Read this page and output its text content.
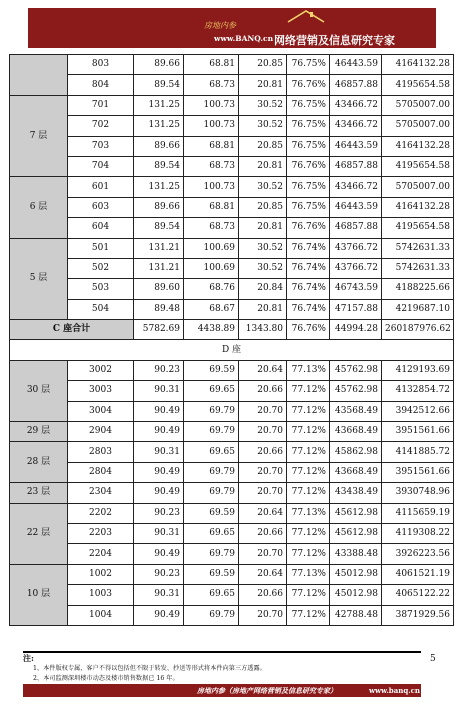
房地内参
www.BANQ.cn 网络营销及信息研究专家
	803	89.66	68.81	20.85	76.75%	46443.59	4164132.28
	804	89.54	68.73	20.81	76.76%	46857.88	4195654.58
7 层	701	131.25	100.73	30.52	76.75%	43466.72	5705007.00
	702	131.25	100.73	30.52	76.75%	43466.72	5705007.00
	703	89.66	68.81	20.85	76.75%	46443.59	4164132.28
	704	89.54	68.73	20.81	76.76%	46857.88	4195654.58
6 层	601	131.25	100.73	30.52	76.75%	43466.72	5705007.00
	603	89.66	68.81	20.85	76.75%	46443.59	4164132.28
	604	89.54	68.73	20.81	76.76%	46857.88	4195654.58
5 层	501	131.21	100.69	30.52	76.74%	43766.72	5742631.33
	502	131.21	100.69	30.52	76.74%	43766.72	5742631.33
	503	89.60	68.76	20.84	76.74%	46743.59	4188225.66
	504	89.48	68.67	20.81	76.74%	47157.88	4219687.10
C 座合计		5782.69	4438.89	1343.80	76.76%	44994.28	260187976.62
D 座							
30 层	3002	90.23	69.59	20.64	77.13%	45762.98	4129193.69
	3003	90.31	69.65	20.66	77.12%	45762.98	4132854.72
	3004	90.49	69.79	20.70	77.12%	43568.49	3942512.66
29 层	2904	90.49	69.79	20.70	77.12%	43668.49	3951561.66
28 层	2803	90.31	69.65	20.66	77.12%	45862.98	4141885.72
	2804	90.49	69.79	20.70	77.12%	43668.49	3951561.66
23 层	2304	90.49	69.79	20.70	77.12%	43438.49	3930748.96
22 层	2202	90.23	69.59	20.64	77.13%	45612.98	4115659.19
	2203	90.31	69.65	20.66	77.12%	45612.98	4119308.22
	2204	90.49	69.79	20.70	77.12%	43388.48	3926223.56
10 层	1002	90.23	69.59	20.64	77.13%	45012.98	4061521.19
	1003	90.31	69.65	20.66	77.12%	45012.98	4065122.22
	1004	90.49	69.79	20.70	77.12%	42788.48	3871929.56
注:
1、本件版权专属，客户不得以包括但不限于转发、抄送等形式将本件向第三方透露。
2、本司监测深圳楼市动态及楼市销售数据已 16 年。
5
房地内参（房地产网络营销及信息研究专家）	www.banq.cn
